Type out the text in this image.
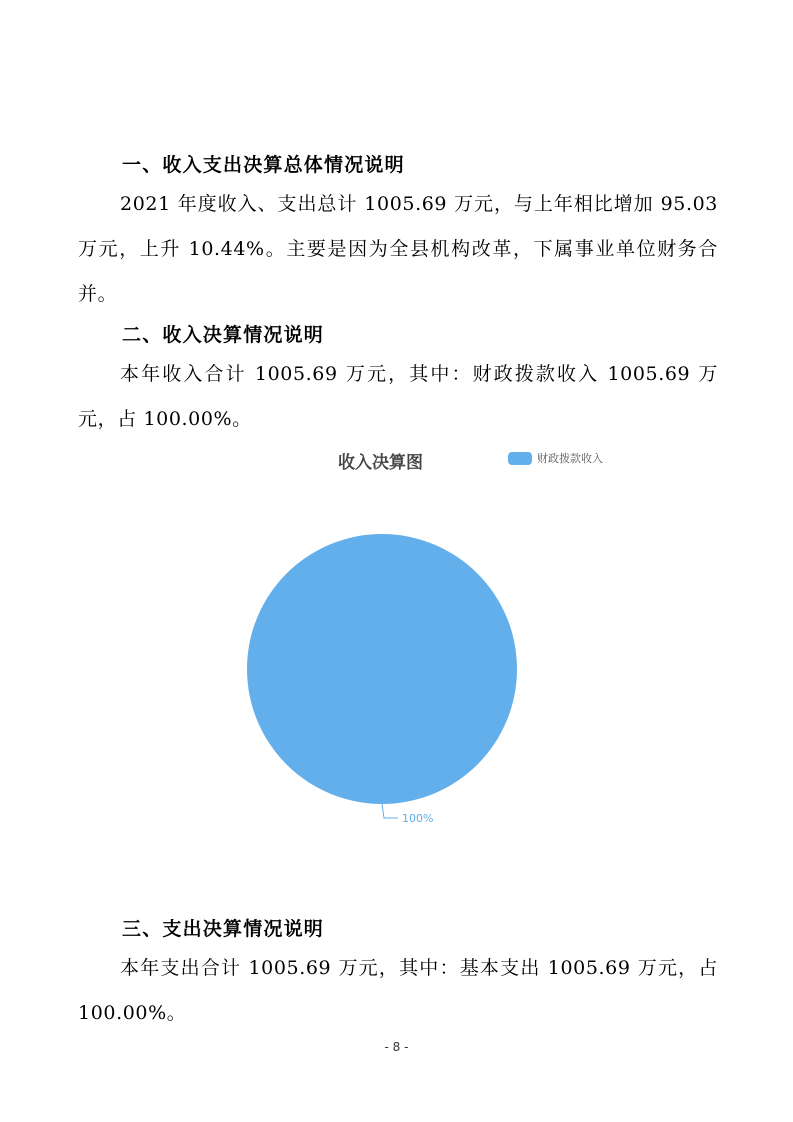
一、收入支出决算总体情况说明
2021 年度收入、支出总计 1005.69 万元，与上年相比增加 95.03 万元，上升 10.44%。主要是因为全县机构改革，下属事业单位财务合并。
二、收入决算情况说明
本年收入合计 1005.69 万元，其中：财政拨款收入 1005.69 万元，占 100.00%。
收入决算图	财政拨款收入
100%
三、支出决算情况说明
本年支出合计 1005.69 万元，其中：基本支出 1005.69 万元，占 100.00%。
- 8 -
